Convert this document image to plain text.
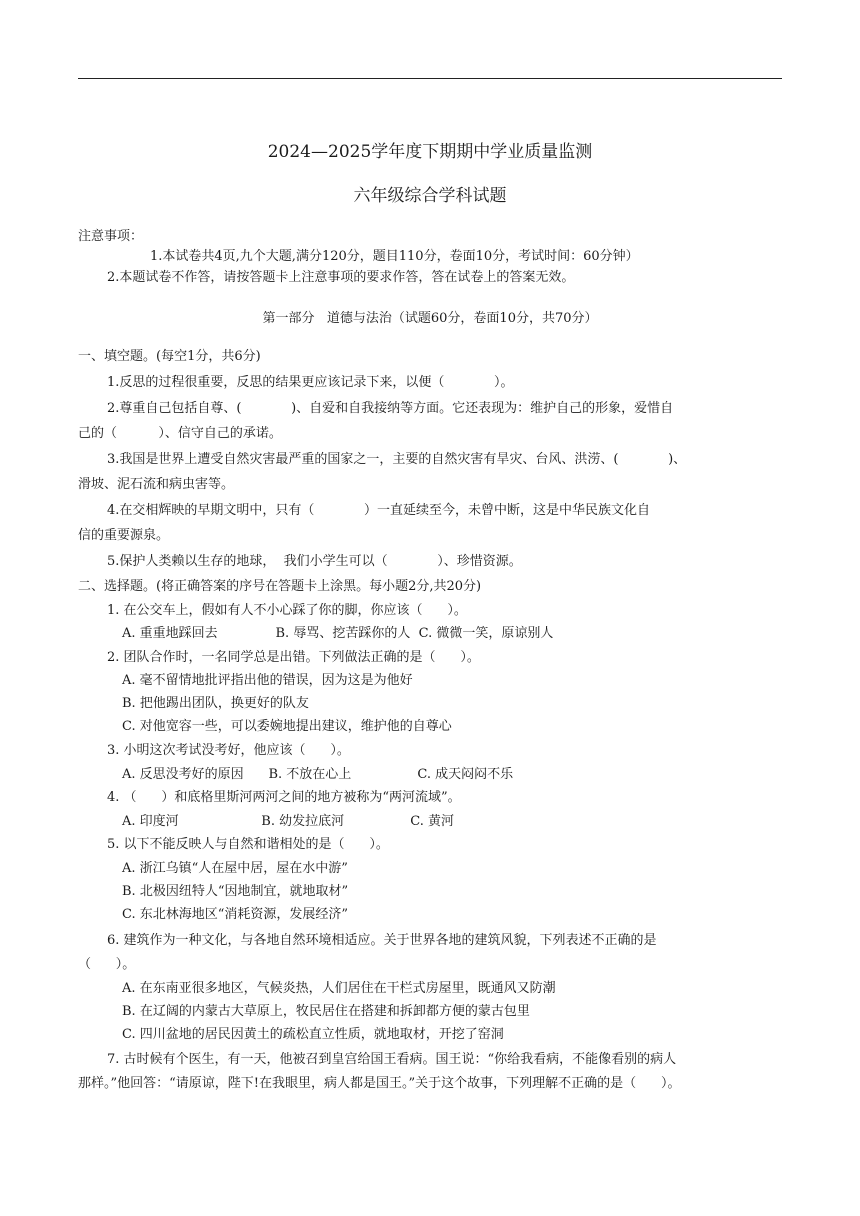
2024—2025学年度下期期中学业质量监测
六年级综合学科试题
注意事项：
1.本试卷共4页,九个大题,满分120分，题目110分，卷面10分，考试时间：60分钟）
2.本题试卷不作答，请按答题卡上注意事项的要求作答，答在试卷上的答案无效。
第一部分   道德与法治（试题60分，卷面10分，共70分）
一、填空题。(每空1分，共6分)
1.反思的过程很重要，反思的结果更应该记录下来，以便（            ）。
2.尊重自己包括自尊、(            )、自爱和自我接纳等方面。它还表现为：维护自己的形象，爱惜自
己的（          ）、信守自己的承诺。
3.我国是世界上遭受自然灾害最严重的国家之一，主要的自然灾害有旱灾、台风、洪涝、(            )、
滑坡、泥石流和病虫害等。
4.在交相辉映的早期文明中，只有（            ）一直延续至今，未曾中断，这是中华民族文化自
信的重要源泉。
5.保护人类赖以生存的地球，  我们小学生可以（            ）、珍惜资源。
二、选择题。(将正确答案的序号在答题卡上涂黑。每小题2分,共20分)
1. 在公交车上，假如有人不小心踩了你的脚，你应该（      ）。
A. 重重地踩回去              B. 辱骂、挖苦踩你的人  C. 微微一笑，原谅别人
2. 团队合作时，一名同学总是出错。下列做法正确的是（      ）。
A. 毫不留情地批评指出他的错误，因为这是为他好
B. 把他踢出团队，换更好的队友
C. 对他宽容一些，可以委婉地提出建议，维护他的自尊心
3. 小明这次考试没考好，他应该（      ）。
A. 反思没考好的原因      B. 不放在心上                C. 成天闷闷不乐
4. （      ）和底格里斯河两河之间的地方被称为“两河流域”。
A. 印度河                    B. 幼发拉底河                C. 黄河
5. 以下不能反映人与自然和谐相处的是（      ）。
A. 浙江乌镇“人在屋中居，屋在水中游”
B. 北极因纽特人“因地制宜，就地取材”
C. 东北林海地区“消耗资源，发展经济”
6. 建筑作为一种文化，与各地自然环境相适应。关于世界各地的建筑风貌，下列表述不正确的是
（      ）。
A. 在东南亚很多地区，气候炎热，人们居住在干栏式房屋里，既通风又防潮
B. 在辽阔的内蒙古大草原上，牧民居住在搭建和拆卸都方便的蒙古包里
C. 四川盆地的居民因黄土的疏松直立性质，就地取材，开挖了窑洞
7. 古时候有个医生，有一天，他被召到皇宫给国王看病。国王说：“你给我看病，不能像看别的病人
那样。”他回答：“请原谅，陛下!在我眼里，病人都是国王。”关于这个故事，下列理解不正确的是（      ）。
